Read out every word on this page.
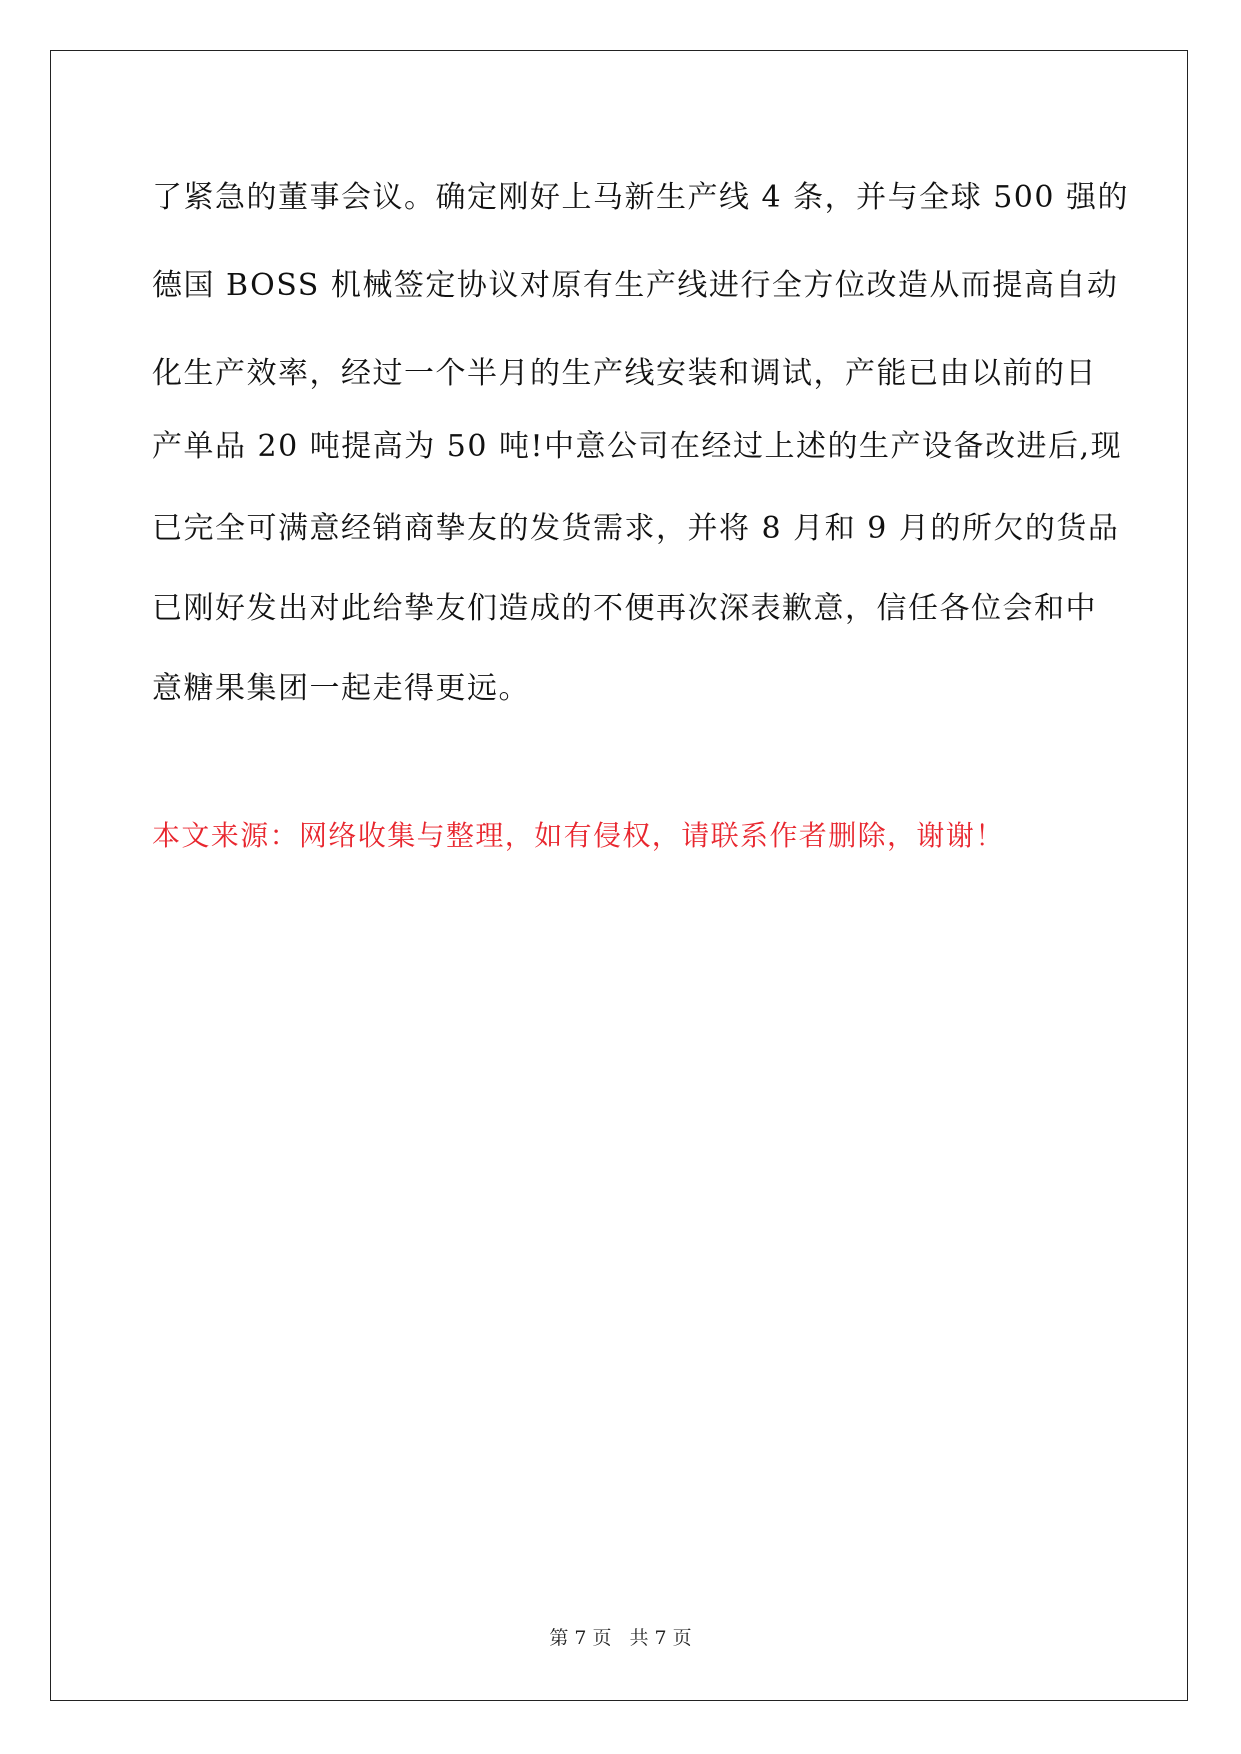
了紧急的董事会议。确定刚好上马新生产线 4 条，并与全球 500 强的
德国 BOSS 机械签定协议对原有生产线进行全方位改造从而提高自动
化生产效率，经过一个半月的生产线安装和调试，产能已由以前的日
产单品 20 吨提高为 50 吨!中意公司在经过上述的生产设备改进后,现
已完全可满意经销商挚友的发货需求，并将 8 月和 9 月的所欠的货品
已刚好发出对此给挚友们造成的不便再次深表歉意，信任各位会和中
意糖果集团一起走得更远。
本文来源：网络收集与整理，如有侵权，请联系作者删除，谢谢！
第 7 页 共 7 页
